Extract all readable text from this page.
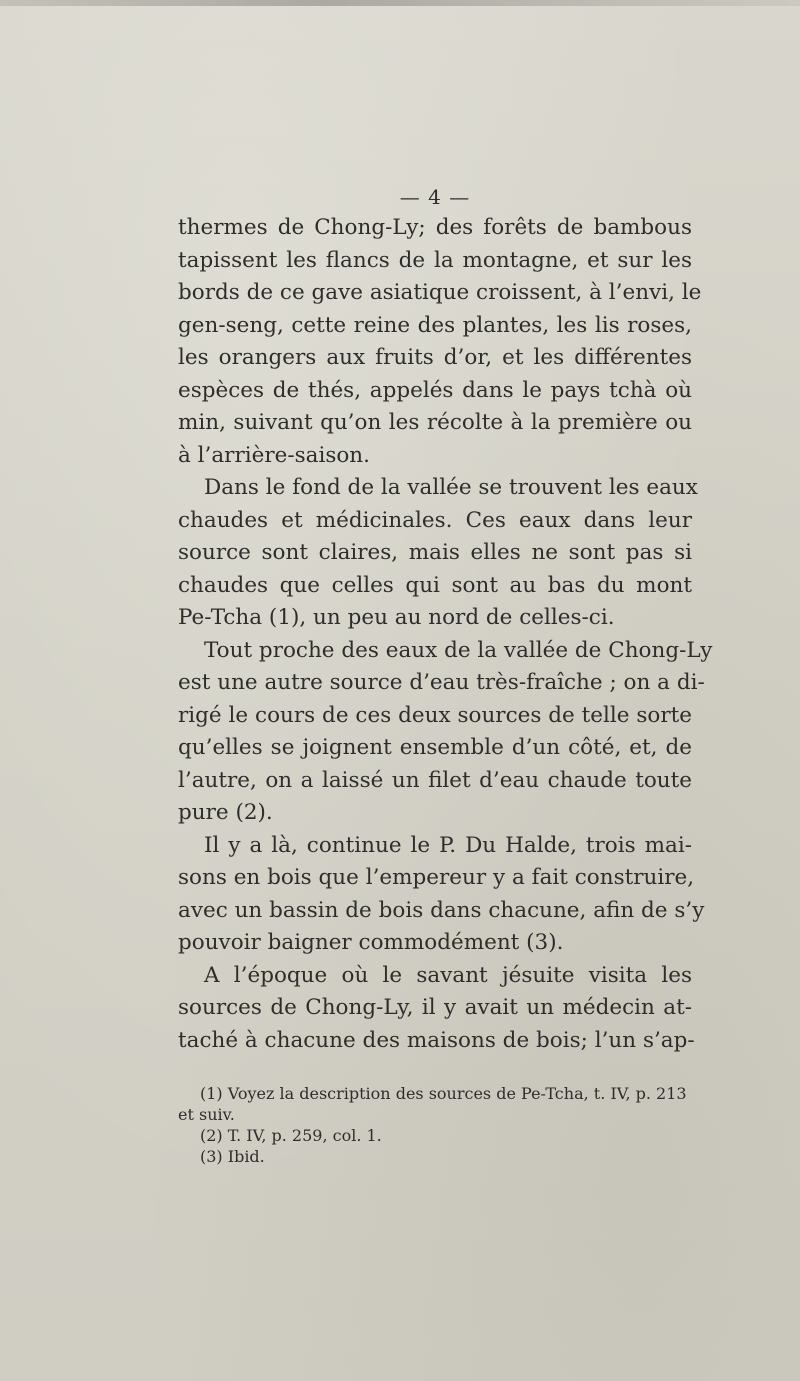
— 4 —
thermes de Chong-Ly; des forêts de bambous
tapissent les flancs de la montagne, et sur les
bords de ce gave asiatique croissent, à l’envi, le
gen-seng, cette reine des plantes, les lis roses,
les orangers aux fruits d’or, et les différentes
espèces de thés, appelés dans le pays tchà où
min, suivant qu’on les récolte à la première ou
à l’arrière-saison.
Dans le fond de la vallée se trouvent les eaux
chaudes et médicinales. Ces eaux dans leur
source sont claires, mais elles ne sont pas si
chaudes que celles qui sont au bas du mont
Pe-Tcha (1), un peu au nord de celles-ci.
Tout proche des eaux de la vallée de Chong-Ly
est une autre source d’eau très-fraîche ; on a di-
rigé le cours de ces deux sources de telle sorte
qu’elles se joignent ensemble d’un côté, et, de
l’autre, on a laissé un filet d’eau chaude toute
pure (2).
Il y a là, continue le P. Du Halde, trois mai-
sons en bois que l’empereur y a fait construire,
avec un bassin de bois dans chacune, afin de s’y
pouvoir baigner commodément (3).
A l’époque où le savant jésuite visita les
sources de Chong-Ly, il y avait un médecin at-
taché à chacune des maisons de bois; l’un s’ap-
(1) Voyez la description des sources de Pe-Tcha, t. IV, p. 213
et suiv.
(2) T. IV, p. 259, col. 1.
(3) Ibid.
